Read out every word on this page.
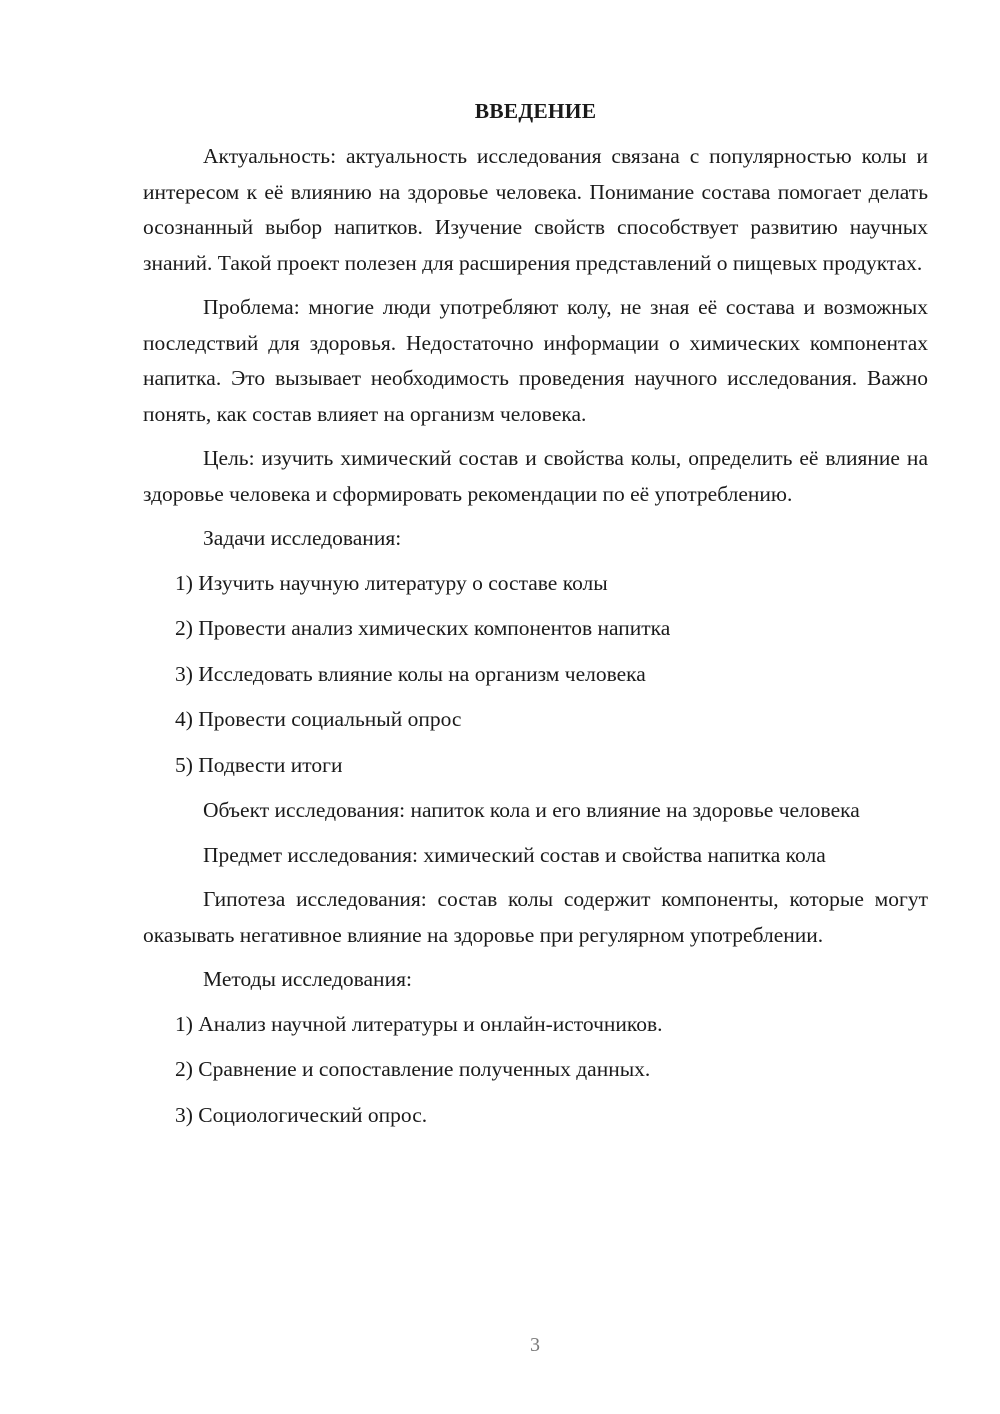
ВВЕДЕНИЕ

Актуальность: актуальность исследования связана с популярностью колы и интересом к её влиянию на здоровье человека. Понимание состава помогает делать осознанный выбор напитков. Изучение свойств способствует развитию научных знаний. Такой проект полезен для расширения представлений о пищевых продуктах.

Проблема: многие люди употребляют колу, не зная её состава и возможных последствий для здоровья. Недостаточно информации о химических компонентах напитка. Это вызывает необходимость проведения научного исследования. Важно понять, как состав влияет на организм человека.

Цель: изучить химический состав и свойства колы, определить её влияние на здоровье человека и сформировать рекомендации по её употреблению.

Задачи исследования:

1) Изучить научную литературу о составе колы
2) Провести анализ химических компонентов напитка
3) Исследовать влияние колы на организм человека
4) Провести социальный опрос
5) Подвести итоги

Объект исследования: напиток кола и его влияние на здоровье человека

Предмет исследования: химический состав и свойства напитка кола

Гипотеза исследования: состав колы содержит компоненты, которые могут оказывать негативное влияние на здоровье при регулярном употреблении.

Методы исследования:

1) Анализ научной литературы и онлайн-источников.
2) Сравнение и сопоставление полученных данных.
3) Социологический опрос.
3
